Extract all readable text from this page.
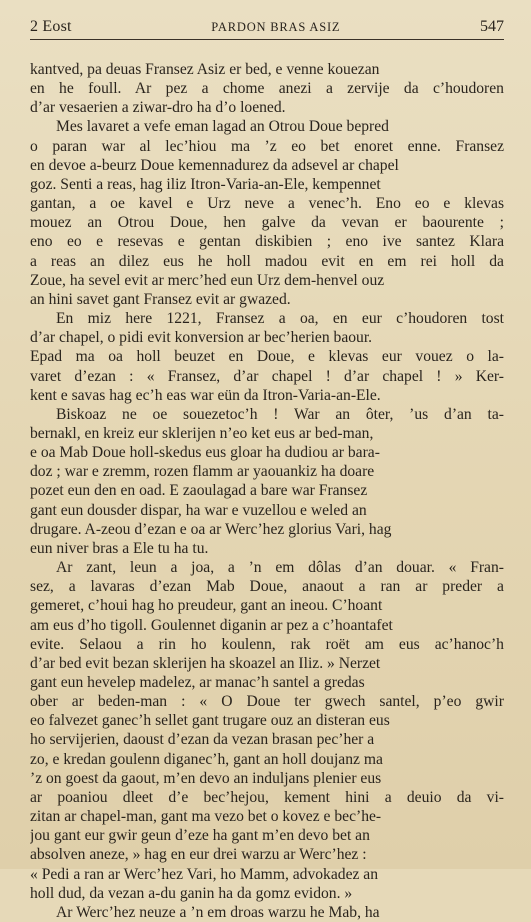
2 Eost	PARDON BRAS ASIZ	547

kantved, pa deuas Fransez Asiz er bed, e venne kouezan
en he foull. Ar pez a chome anezi a zervije da c’houdoren
d’ar vesaerien a ziwar-dro ha d’o loened.

Mes lavaret a vefe eman lagad an Otrou Doue bepred
o paran war al lec’hiou ma ’z eo bet enoret enne. Fransez
en devoe a-beurz Doue kemennadurez da adsevel ar chapel
goz. Senti a reas, hag iliz Itron-Varia-an-Ele, kempennet
gantan, a oe kavel e Urz neve a venec’h. Eno eo e klevas
mouez an Otrou Doue, hen galve da vevan er baourente ;
eno eo e resevas e gentan diskibien ; eno ive santez Klara
a reas an dilez eus he holl madou evit en em rei holl da
Zoue, ha sevel evit ar merc’hed eun Urz dem-henvel ouz
an hini savet gant Fransez evit ar gwazed.

En miz here 1221, Fransez a oa, en eur c’houdoren tost
d’ar chapel, o pidi evit konversion ar bec’herien baour.
Epad ma oa holl beuzet en Doue, e klevas eur vouez o la-
varet d’ezan : « Fransez, d’ar chapel ! d’ar chapel ! » Ker-
kent e savas hag ec’h eas war eün da Itron-Varia-an-Ele.

Biskoaz ne oe souezetoc’h ! War an ôter, ’us d’an ta-
bernakl, en kreiz eur sklerijen n’eo ket eus ar bed-man,
e oa Mab Doue holl-skedus eus gloar ha dudiou ar bara-
doz ; war e zremm, rozen flamm ar yaouankiz ha doare
pozet eun den en oad. E zaoulagad a bare war Fransez
gant eun dousder dispar, ha war e vuzellou e weled an
drugare. A-zeou d’ezan e oa ar Werc’hez glorius Vari, hag
eun niver bras a Ele tu ha tu.

Ar zant, leun a joa, a ’n em dôlas d’an douar. « Fran-
sez, a lavaras d’ezan Mab Doue, anaout a ran ar preder a
gemeret, c’houi hag ho preudeur, gant an ineou. C’hoant
am eus d’ho tigoll. Goulennet diganin ar pez a c’hoantafet
evite. Selaou a rin ho koulenn, rak roët am eus ac’hanoc’h
d’ar bed evit bezan sklerijen ha skoazel an Iliz. » Nerzet
gant eun hevelep madelez, ar manac’h santel a gredas
ober ar beden-man : « O Doue ter gwech santel, p’eo gwir
eo falvezet ganec’h sellet gant trugare ouz an disteran eus
ho servijerien, daoust d’ezan da vezan brasan pec’her a
zo, e kredan goulenn diganec’h, gant an holl doujanz ma
’z on goest da gaout, m’en devo an induljans plenier eus
ar poaniou dleet d’e bec’hejou, kement hini a deuio da vi-
zitan ar chapel-man, gant ma vezo bet o kovez e bec’he-
jou gant eur gwir geun d’eze ha gant m’en devo bet an
absolven aneze, » hag en eur drei warzu ar Werc’hez :
« Pedi a ran ar Werc’hez Vari, ho Mamm, advokadez an
holl dud, da vezan a-du ganin ha da gomz evidon. »

Ar Werc’hez neuze a ’n em droas warzu he Mab, ha
